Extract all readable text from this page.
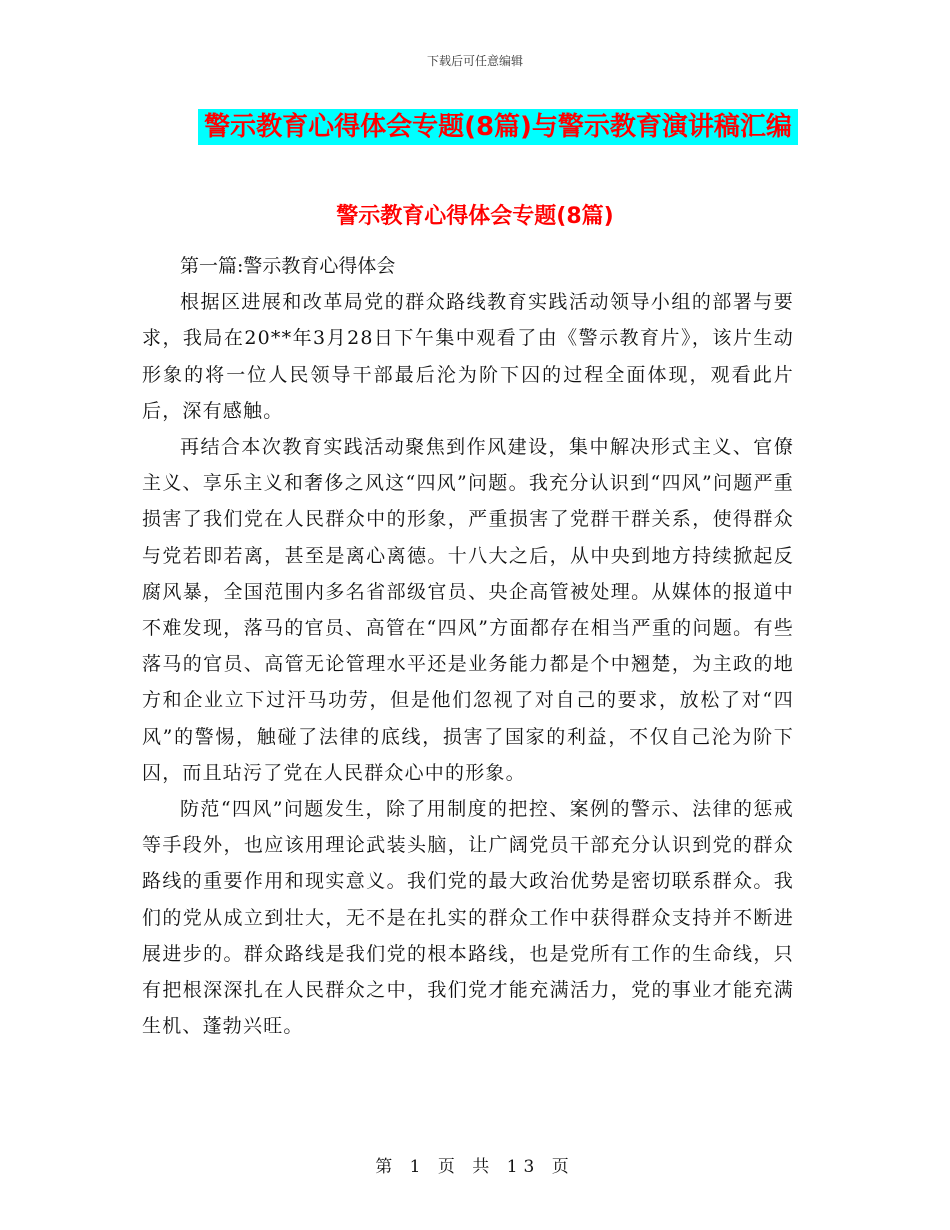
下载后可任意编辑
警示教育心得体会专题(8篇)与警示教育演讲稿汇编
警示教育心得体会专题(8篇)

第一篇:警示教育心得体会

根据区进展和改革局党的群众路线教育实践活动领导小组的部署与要求，我局在20**年3月28日下午集中观看了由《警示教育片》，该片生动形象的将一位人民领导干部最后沦为阶下囚的过程全面体现，观看此片后，深有感触。

再结合本次教育实践活动聚焦到作风建设，集中解决形式主义、官僚主义、享乐主义和奢侈之风这“四风”问题。我充分认识到“四风”问题严重损害了我们党在人民群众中的形象，严重损害了党群干群关系，使得群众与党若即若离，甚至是离心离德。十八大之后，从中央到地方持续掀起反腐风暴，全国范围内多名省部级官员、央企高管被处理。从媒体的报道中不难发现，落马的官员、高管在“四风”方面都存在相当严重的问题。有些落马的官员、高管无论管理水平还是业务能力都是个中翘楚，为主政的地方和企业立下过汗马功劳，但是他们忽视了对自己的要求，放松了对“四风”的警惕，触碰了法律的底线，损害了国家的利益，不仅自己沦为阶下囚，而且玷污了党在人民群众心中的形象。

防范“四风”问题发生，除了用制度的把控、案例的警示、法律的惩戒等手段外，也应该用理论武装头脑，让广阔党员干部充分认识到党的群众路线的重要作用和现实意义。我们党的最大政治优势是密切联系群众。我们的党从成立到壮大，无不是在扎实的群众工作中获得群众支持并不断进展进步的。群众路线是我们党的根本路线，也是党所有工作的生命线，只有把根深深扎在人民群众之中，我们党才能充满活力，党的事业才能充满生机、蓬勃兴旺。

第 1 页 共 13 页
